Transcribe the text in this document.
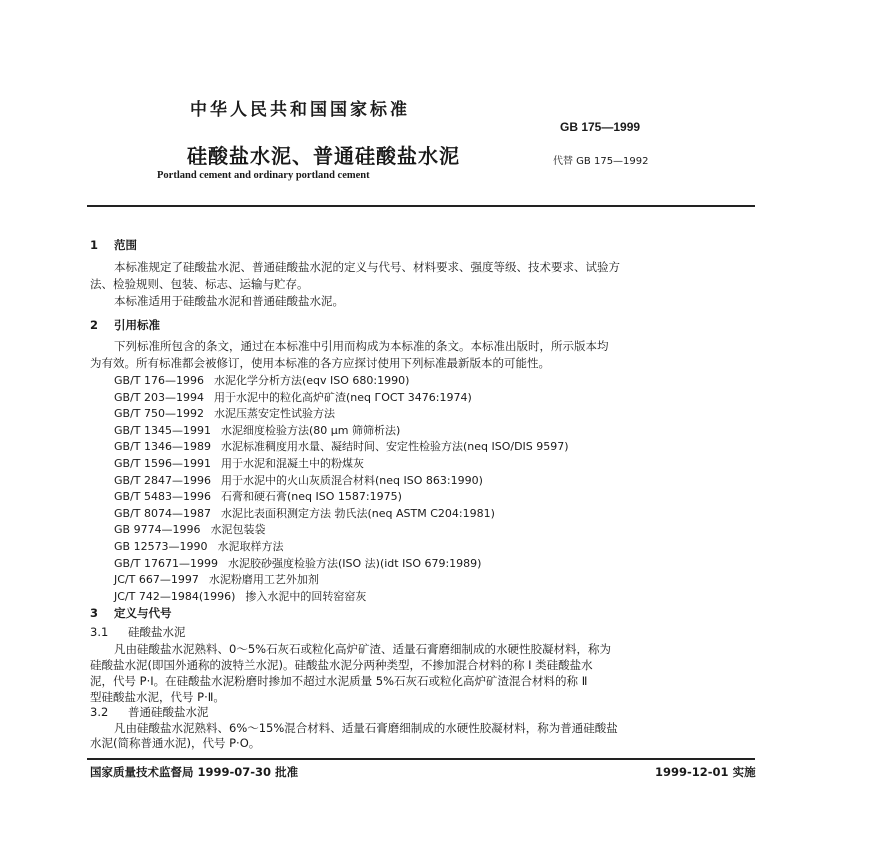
中华人民共和国国家标准
GB 175—1999
硅酸盐水泥、普通硅酸盐水泥	代替 GB 175—1992
Portland cement and ordinary portland cement
1 范围
本标准规定了硅酸盐水泥、普通硅酸盐水泥的定义与代号、材料要求、强度等级、技术要求、试验方
法、检验规则、包装、标志、运输与贮存。
本标准适用于硅酸盐水泥和普通硅酸盐水泥。
2 引用标准
下列标准所包含的条文，通过在本标准中引用而构成为本标准的条文。本标准出版时，所示版本均
为有效。所有标准都会被修订，使用本标准的各方应探讨使用下列标准最新版本的可能性。
GB/T 176—1996 水泥化学分析方法(eqv ISO 680:1990)
GB/T 203—1994 用于水泥中的粒化高炉矿渣(neq ГОСТ 3476:1974)
GB/T 750—1992 水泥压蒸安定性试验方法
GB/T 1345—1991 水泥细度检验方法(80 μm 筛筛析法)
GB/T 1346—1989 水泥标准稠度用水量、凝结时间、安定性检验方法(neq ISO/DIS 9597)
GB/T 1596—1991 用于水泥和混凝土中的粉煤灰
GB/T 2847—1996 用于水泥中的火山灰质混合材料(neq ISO 863:1990)
GB/T 5483—1996 石膏和硬石膏(neq ISO 1587:1975)
GB/T 8074—1987 水泥比表面积测定方法 勃氏法(neq ASTM C204:1981)
GB 9774—1996 水泥包装袋
GB 12573—1990 水泥取样方法
GB/T 17671—1999 水泥胶砂强度检验方法(ISO 法)(idt ISO 679:1989)
JC/T 667—1997 水泥粉磨用工艺外加剂
JC/T 742—1984(1996) 掺入水泥中的回转窑窑灰
3 定义与代号
3.1 硅酸盐水泥
凡由硅酸盐水泥熟料、0～5%石灰石或粒化高炉矿渣、适量石膏磨细制成的水硬性胶凝材料，称为
硅酸盐水泥(即国外通称的波特兰水泥)。硅酸盐水泥分两种类型，不掺加混合材料的称 I 类硅酸盐水
泥，代号 P·I。在硅酸盐水泥粉磨时掺加不超过水泥质量 5%石灰石或粒化高炉矿渣混合材料的称 Ⅱ
型硅酸盐水泥，代号 P·Ⅱ。
国家质量技术监督局 1999-07-30 批准	1999-12-01 实施
3.2 普通硅酸盐水泥
凡由硅酸盐水泥熟料、6%～15%混合材料、适量石膏磨细制成的水硬性胶凝材料，称为普通硅酸盐
水泥(简称普通水泥)，代号 P·O。
